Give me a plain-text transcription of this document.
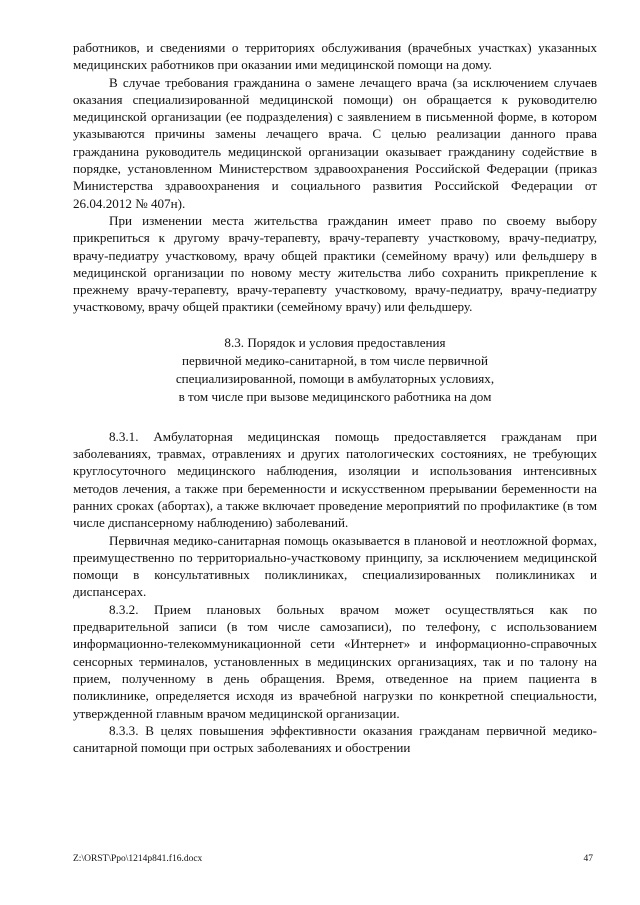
работников, и сведениями о территориях обслуживания (врачебных участках) указанных медицинских работников при оказании ими медицинской помощи на дому.

В случае требования гражданина о замене лечащего врача (за исключением случаев оказания специализированной медицинской помощи) он обращается к руководителю медицинской организации (ее подразделения) с заявлением в письменной форме, в котором указываются причины замены лечащего врача. С целью реализации данного права гражданина руководитель медицинской организации оказывает гражданину содействие в порядке, установленном Министерством здравоохранения Российской Федерации (приказ Министерства здравоохранения и социального развития Российской Федерации от 26.04.2012 № 407н).

При изменении места жительства гражданин имеет право по своему выбору прикрепиться к другому врачу-терапевту, врачу-терапевту участковому, врачу-педиатру, врачу-педиатру участковому, врачу общей практики (семейному врачу) или фельдшеру в медицинской организации по новому месту жительства либо сохранить прикрепление к прежнему врачу-терапевту, врачу-терапевту участковому, врачу-педиатру, врачу-педиатру участковому, врачу общей практики (семейному врачу) или фельдшеру.

8.3. Порядок и условия предоставления
первичной медико-санитарной, в том числе первичной
специализированной, помощи в амбулаторных условиях,
в том числе при вызове медицинского работника на дом

8.3.1. Амбулаторная медицинская помощь предоставляется гражданам при заболеваниях, травмах, отравлениях и других патологических состояниях, не требующих круглосуточного медицинского наблюдения, изоляции и использования интенсивных методов лечения, а также при беременности и искусственном прерывании беременности на ранних сроках (абортах), а также включает проведение мероприятий по профилактике (в том числе диспансерному наблюдению) заболеваний.

Первичная медико-санитарная помощь оказывается в плановой и неотложной формах, преимущественно по территориально-участковому принципу, за исключением медицинской помощи в консультативных поликлиниках, специализированных поликлиниках и диспансерах.

8.3.2. Прием плановых больных врачом может осуществляться как по предварительной записи (в том числе самозаписи), по телефону, с использованием информационно-телекоммуникационной сети «Интернет» и информационно-справочных сенсорных терминалов, установленных в медицинских организациях, так и по талону на прием, полученному в день обращения. Время, отведенное на прием пациента в поликлинике, определяется исходя из врачебной нагрузки по конкретной специальности, утвержденной главным врачом медицинской организации.

8.3.3. В целях повышения эффективности оказания гражданам первичной медико-санитарной помощи при острых заболеваниях и обострении

Z:\ORST\Ppo\1214p841.f16.docx	47
